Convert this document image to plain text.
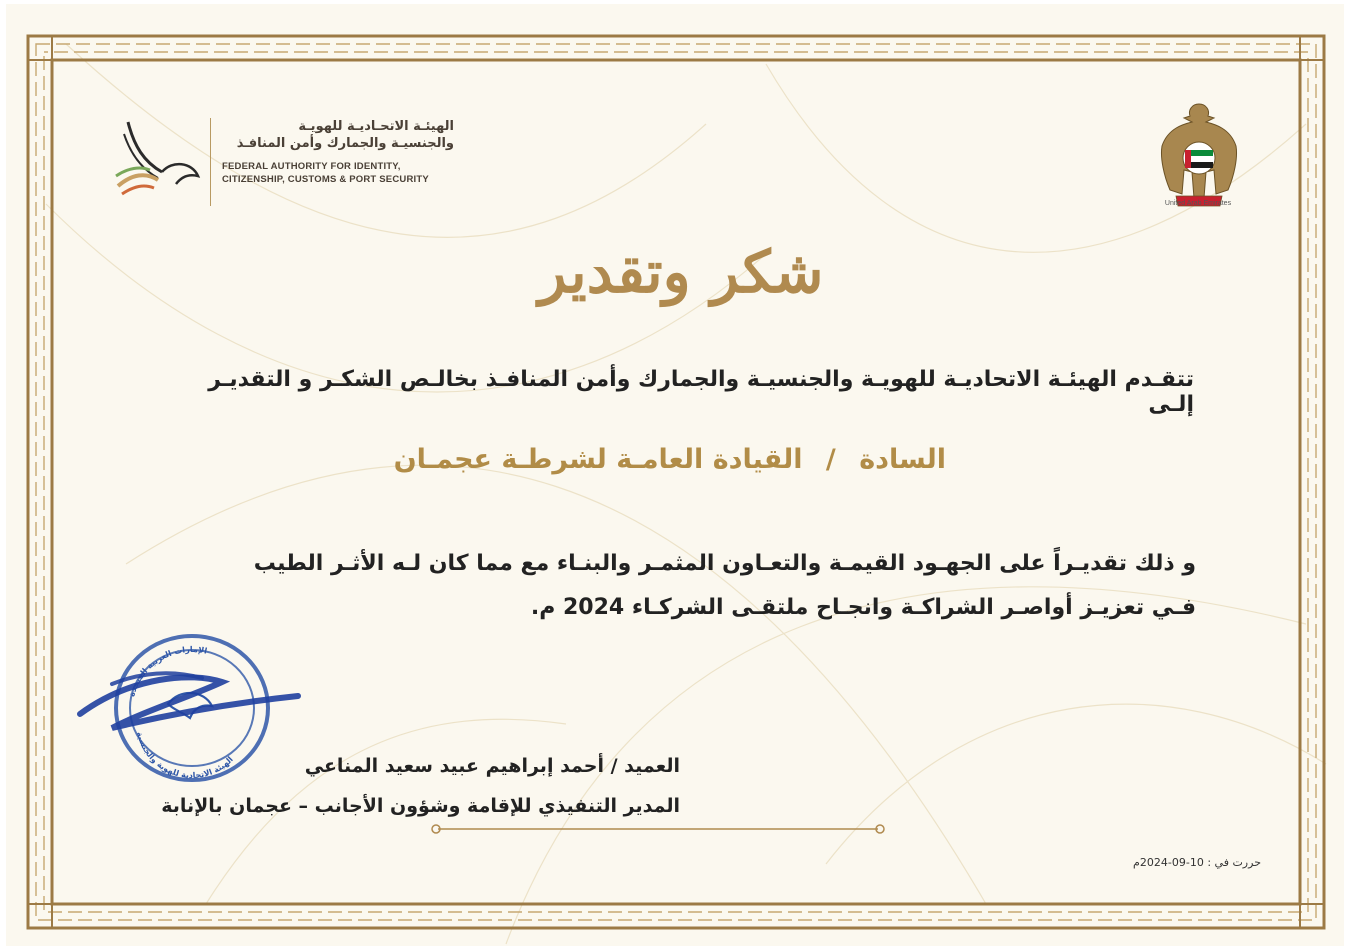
الهيئـة الاتحـاديـة للهويـة
والجنسيـة والجمارك وأمن المنافـذ
FEDERAL AUTHORITY FOR IDENTITY,
CITIZENSHIP, CUSTOMS & PORT SECURITY
United Arab Emirates
شكر وتقدير
تتقـدم الهيئـة الاتحاديـة للهويـة والجنسيـة والجمارك وأمن المنافـذ بخالـص الشكـر و التقديـر إلـى
السادة / القيادة العامـة لشرطـة عجمـان
و ذلك تقديـراً على الجهـود القيمـة والتعـاون المثمـر والبنـاء مع مما كان لـه الأثـر الطيب
فـي تعزيـز أواصـر الشراكـة وانجـاح ملتقـى الشركـاء 2024 م.
الإمارات العربية المتحدة
الهيئة الاتحادية للهوية والجنسية	العميد / أحمد إبراهيم عبيد سعيد المناعي
المدير التنفيذي للإقامة وشؤون الأجانب – عجمان بالإنابة
حررت في : 10-09-2024م
